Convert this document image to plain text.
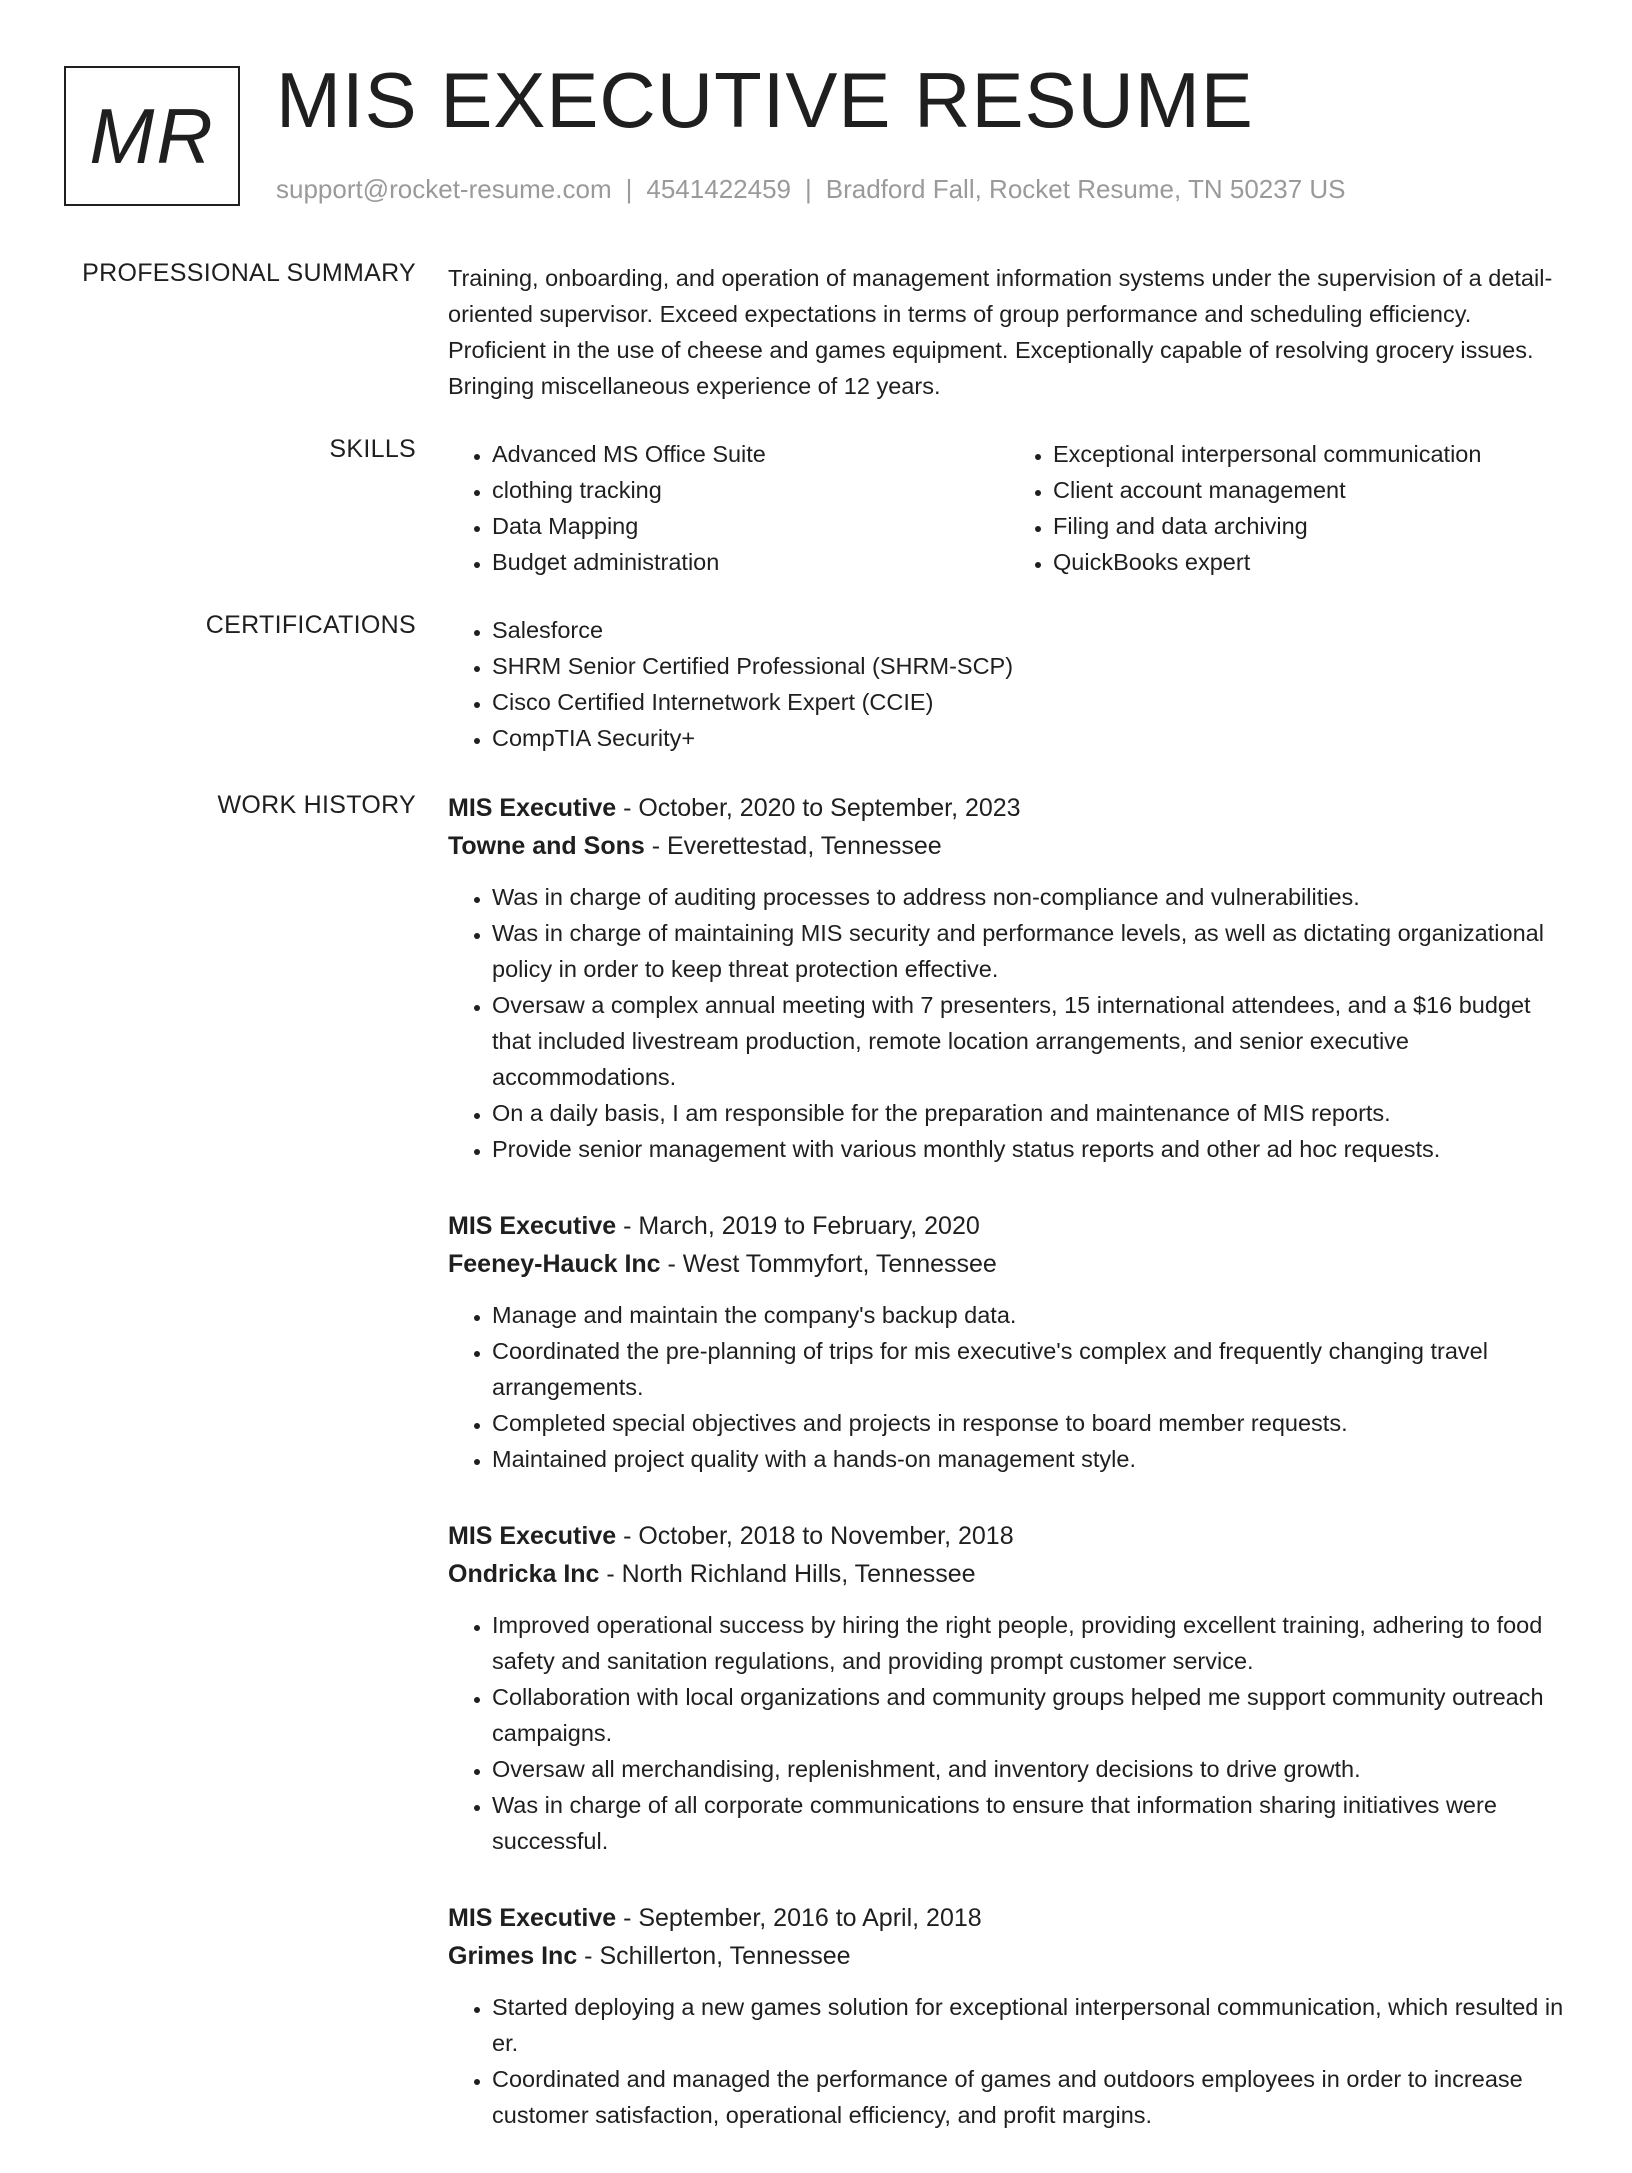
MR MIS EXECUTIVE RESUME
support@rocket-resume.com | 4541422459 | Bradford Fall, Rocket Resume, TN 50237 US
PROFESSIONAL SUMMARY Training, onboarding, and operation of management information systems under the supervision of a detail-oriented supervisor. Exceed expectations in terms of group performance and scheduling efficiency. Proficient in the use of cheese and games equipment. Exceptionally capable of resolving grocery issues. Bringing miscellaneous experience of 12 years.

SKILLS	• Advanced MS Office Suite
• clothing tracking
• Data Mapping
• Budget administration
• Exceptional interpersonal communication
• Client account management
• Filing and data archiving
• QuickBooks expert
CERTIFICATIONS	• Salesforce
• SHRM Senior Certified Professional (SHRM-SCP)
• Cisco Certified Internetwork Expert (CCIE)
• CompTIA Security+
WORK HISTORY MIS Executive - October, 2020 to September, 2023
Towne and Sons - Everettestad, Tennessee
• Was in charge of auditing processes to address non-compliance and vulnerabilities.
• Was in charge of maintaining MIS security and performance levels, as well as dictating organizational policy in order to keep threat protection effective.
• Oversaw a complex annual meeting with 7 presenters, 15 international attendees, and a $16 budget that included livestream production, remote location arrangements, and senior executive accommodations.
• On a daily basis, I am responsible for the preparation and maintenance of MIS reports.
• Provide senior management with various monthly status reports and other ad hoc requests.
MIS Executive - March, 2019 to February, 2020
Feeney-Hauck Inc - West Tommyfort, Tennessee
• Manage and maintain the company's backup data.
• Coordinated the pre-planning of trips for mis executive's complex and frequently changing travel arrangements.
• Completed special objectives and projects in response to board member requests.
• Maintained project quality with a hands-on management style.
MIS Executive - October, 2018 to November, 2018
Ondricka Inc - North Richland Hills, Tennessee
• Improved operational success by hiring the right people, providing excellent training, adhering to food safety and sanitation regulations, and providing prompt customer service.
• Collaboration with local organizations and community groups helped me support community outreach campaigns.
• Oversaw all merchandising, replenishment, and inventory decisions to drive growth.
• Was in charge of all corporate communications to ensure that information sharing initiatives were successful.
MIS Executive - September, 2016 to April, 2018
Grimes Inc - Schillerton, Tennessee
• Started deploying a new games solution for exceptional interpersonal communication, which resulted in er.
• Coordinated and managed the performance of games and outdoors employees in order to increase customer satisfaction, operational efficiency, and profit margins.
